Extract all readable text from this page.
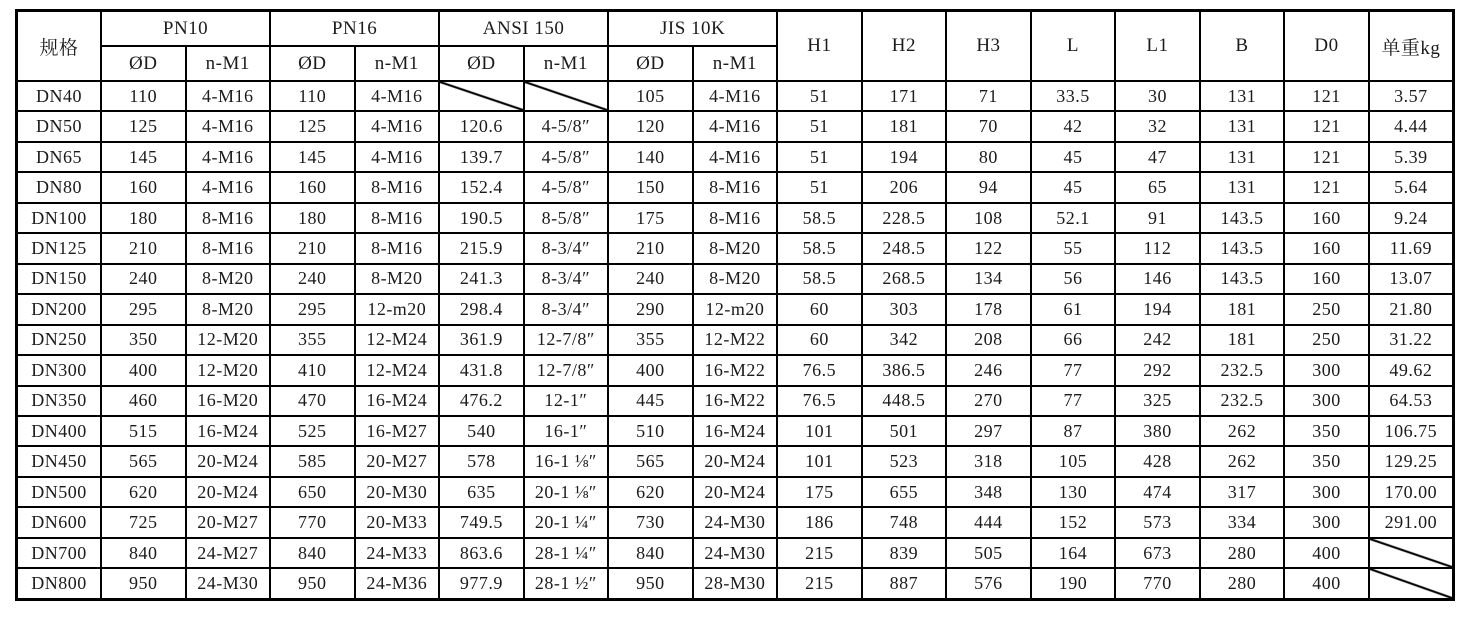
规格	PN10		PN16		ANSI 150		JIS 10K		H1	H2	H3	L	L1	B	D0	单重kg
	ØD	n-M1	ØD	n-M1	ØD	n-M1	ØD	n-M1								
DN40	110	4-M16	110	4-M16			105	4-M16	51	171	71	33.5	30	131	121	3.57
DN50	125	4-M16	125	4-M16	120.6	4-5/8″	120	4-M16	51	181	70	42	32	131	121	4.44
DN65	145	4-M16	145	4-M16	139.7	4-5/8″	140	4-M16	51	194	80	45	47	131	121	5.39
DN80	160	4-M16	160	8-M16	152.4	4-5/8″	150	8-M16	51	206	94	45	65	131	121	5.64
DN100	180	8-M16	180	8-M16	190.5	8-5/8″	175	8-M16	58.5	228.5	108	52.1	91	143.5	160	9.24
DN125	210	8-M16	210	8-M16	215.9	8-3/4″	210	8-M20	58.5	248.5	122	55	112	143.5	160	11.69
DN150	240	8-M20	240	8-M20	241.3	8-3/4″	240	8-M20	58.5	268.5	134	56	146	143.5	160	13.07
DN200	295	8-M20	295	12-m20	298.4	8-3/4″	290	12-m20	60	303	178	61	194	181	250	21.80
DN250	350	12-M20	355	12-M24	361.9	12-7/8″	355	12-M22	60	342	208	66	242	181	250	31.22
DN300	400	12-M20	410	12-M24	431.8	12-7/8″	400	16-M22	76.5	386.5	246	77	292	232.5	300	49.62
DN350	460	16-M20	470	16-M24	476.2	12-1″	445	16-M22	76.5	448.5	270	77	325	232.5	300	64.53
DN400	515	16-M24	525	16-M27	540	16-1″	510	16-M24	101	501	297	87	380	262	350	106.75
DN450	565	20-M24	585	20-M27	578	16-1 ⅛″	565	20-M24	101	523	318	105	428	262	350	129.25
DN500	620	20-M24	650	20-M30	635	20-1 ⅛″	620	20-M24	175	655	348	130	474	317	300	170.00
DN600	725	20-M27	770	20-M33	749.5	20-1 ¼″	730	24-M30	186	748	444	152	573	334	300	291.00
DN700	840	24-M27	840	24-M33	863.6	28-1 ¼″	840	24-M30	215	839	505	164	673	280	400	
DN800	950	24-M30	950	24-M36	977.9	28-1 ½″	950	28-M30	215	887	576	190	770	280	400	
